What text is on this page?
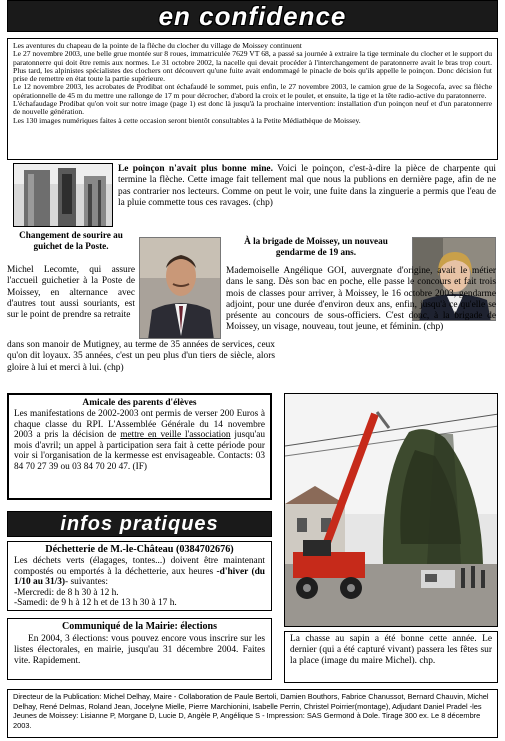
en confidence

Les aventures du chapeau de la pointe de la flèche du clocher du village de Moissey continuent

Le 27 novembre 2003, une belle grue montée sur 8 roues, immatriculée 7629 VT 68, a passé sa journée à extraire la tige terminale du clocher et le support du paratonnerre qui doit être remis aux normes. Le 31 octobre 2002, la nacelle qui devait procéder à l'interchangement de paratonnerre avait le bras trop court. Plus tard, les alpinistes spécialistes des clochers ont découvert qu'une fuite avait endommagé le pinacle de bois qu'ils appelle le poinçon. Donc décision fut prise de remettre en état toute la partie supérieure.

Le 12 novembre 2003, les acrobates de Prodibat ont échafaudé le sommet, puis enfin, le 27 novembre 2003, le camion grue de la Sogecofa, avec sa flèche opérationnelle de 45 m du mettre une rallonge de 17 m pour décrocher, d'abord la croix et le poulet, et ensuite, la tige et la tête radio-active du paratonnerre.

L'échafaudage Prodibat qu'on voit sur notre image (page 1) est donc là jusqu'à la prochaine intervention: installation d'un poinçon neuf et d'un paratonnerre de nouvelle génération.

Les 130 images numériques faites à cette occasion seront bientôt consultables à la Petite Médiathèque de Moissey.

Le poinçon n'avait plus bonne mine. Voici le poinçon, c'est-à-dire la pièce de charpente qui termine la flèche. Cette image fait tellement mal que nous la publions en dernière page, afin de ne pas contrarier nos lecteurs. Comme on peut le voir, une fuite dans la zinguerie a permis que l'eau de la pluie commette tous ces ravages. (chp)
Changement de sourire au guichet de la Poste.
Michel Lecomte, qui assure l'accueil guichetier à la Poste de Moissey, en alternance avec d'autres tout aussi souriants, est sur le point de prendre sa retraite
dans son manoir de Mutigney, au terme de 35 années de services, ceux qu'on dit loyaux. 35 années, c'est un peu plus d'un tiers de siècle, alors gloire à lui et merci à lui. (chp)
À la brigade de Moissey, un nouveau gendarme de 19 ans.
Mademoiselle Angélique GOI, auvergnate d'origine, avait le métier dans le sang. Dès son bac en poche, elle passe le concours et fait trois mois de classes pour arriver, à Moissey, le 16 octobre 2003, gendarme adjoint, pour une durée d'environ deux ans, enfin, jusqu'à ce qu'elle se présente au concours de sous-officiers. C'est donc, à la brigade de Moissey, un visage, nouveau, tout jeune, et féminin. (chp)
Amicale des parents d'élèves
Les manifestations de 2002-2003 ont permis de verser 200 Euros à chaque classe du RPI. L'Assemblée Générale du 14 novembre 2003 a pris la décision de mettre en veille l'association jusqu'au mois d'avril; un appel à participation sera fait à cette période pour voir si l'organisation de la kermesse est envisageable. Contacts: 03 84 70 27 39 ou 03 84 70 20 47. (IF)
infos pratiques
Déchetterie de M.-le-Château (0384702676)
Les déchets verts (élagages, tontes...) doivent être maintenant compostés ou emportés à la déchetterie, aux heures -d'hiver (du 1/10 au 31/3)- suivantes:
-Mercredi: de 8 h 30 à 12 h.
-Samedi: de 9 h à 12 h et de 13 h 30 à 17 h.
Communiqué de la Mairie: élections
En 2004, 3 élections: vous pouvez encore vous inscrire sur les listes électorales, en mairie, jusqu'au 31 décembre 2004. Faites vite. Rapidement.
La chasse au sapin a été bonne cette année. Le dernier (qui a été capturé vivant) passera les fêtes sur la place (image du maire Michel). chp.
Directeur de la Publication: Michel Delhay, Maire - Collaboration de Paule Bertoli, Damien Bouthors, Fabrice Chanussot, Bernard Chauvin, Michel Delhay, René Delmas, Roland Jean, Jocelyne Mielle, Pierre Marchionini, Isabelle Perrin, Christel Poirrier(montage), Adjudant Daniel Pradel -les Jeunes de Moissey: Lisianne P, Morgane D, Lucie D, Angèle P, Angélique S - Impression: SAS Germond à Dole. Tirage 300 ex. Le 8 décembre 2003.
